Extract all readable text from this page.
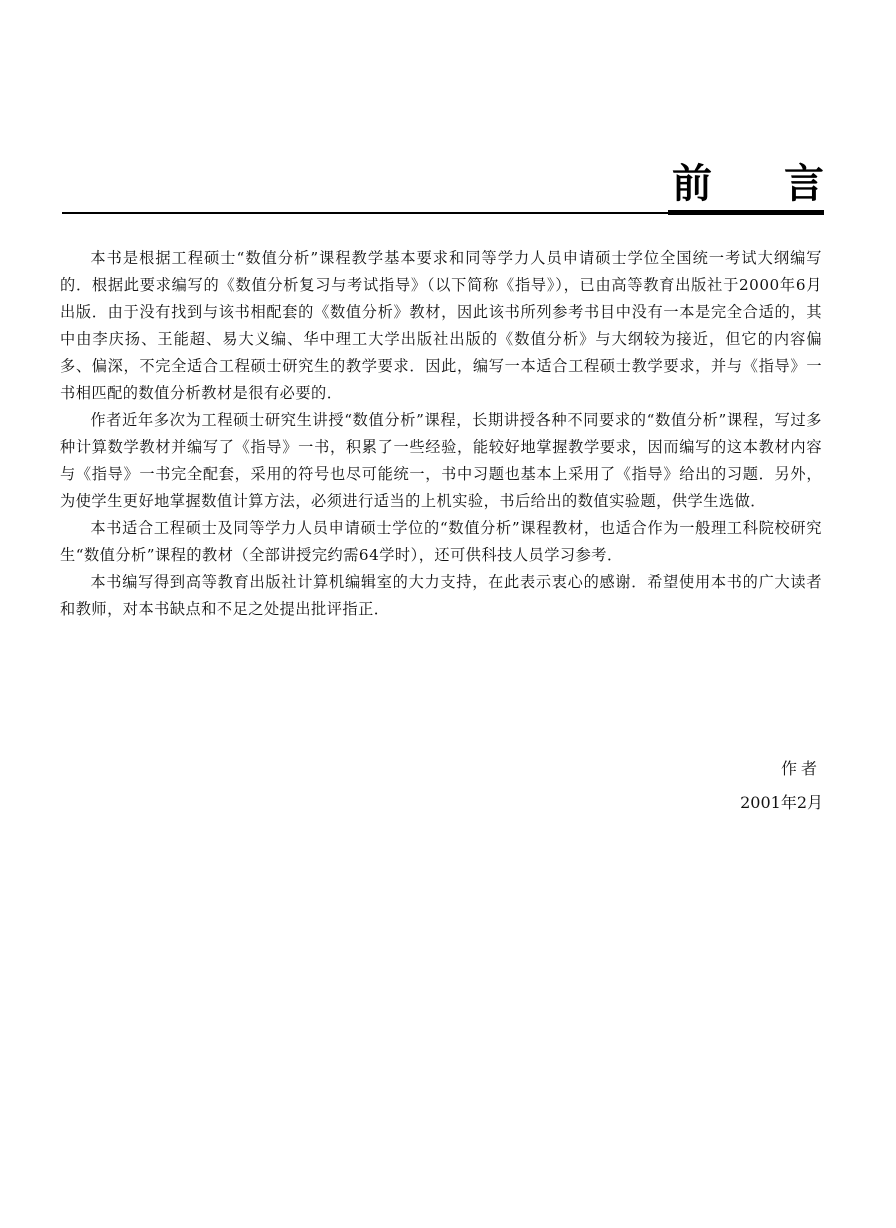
前言

本书是根据工程硕士“数值分析”课程教学基本要求和同等学力人员申请硕士学位全国统一考试大纲编写的．根据此要求编写的《数值分析复习与考试指导》（以下简称《指导》），已由高等教育出版社于2000年6月出版．由于没有找到与该书相配套的《数值分析》教材，因此该书所列参考书目中没有一本是完全合适的，其中由李庆扬、王能超、易大义编、华中理工大学出版社出版的《数值分析》与大纲较为接近，但它的内容偏多、偏深，不完全适合工程硕士研究生的教学要求．因此，编写一本适合工程硕士教学要求，并与《指导》一书相匹配的数值分析教材是很有必要的．

作者近年多次为工程硕士研究生讲授“数值分析”课程，长期讲授各种不同要求的“数值分析”课程，写过多种计算数学教材并编写了《指导》一书，积累了一些经验，能较好地掌握教学要求，因而编写的这本教材内容与《指导》一书完全配套，采用的符号也尽可能统一，书中习题也基本上采用了《指导》给出的习题．另外，为使学生更好地掌握数值计算方法，必须进行适当的上机实验，书后给出的数值实验题，供学生选做．

本书适合工程硕士及同等学力人员申请硕士学位的“数值分析”课程教材，也适合作为一般理工科院校研究生“数值分析”课程的教材（全部讲授完约需64学时），还可供科技人员学习参考．

本书编写得到高等教育出版社计算机编辑室的大力支持，在此表示衷心的感谢．希望使用本书的广大读者和教师，对本书缺点和不足之处提出批评指正．

作者
2001年2月
